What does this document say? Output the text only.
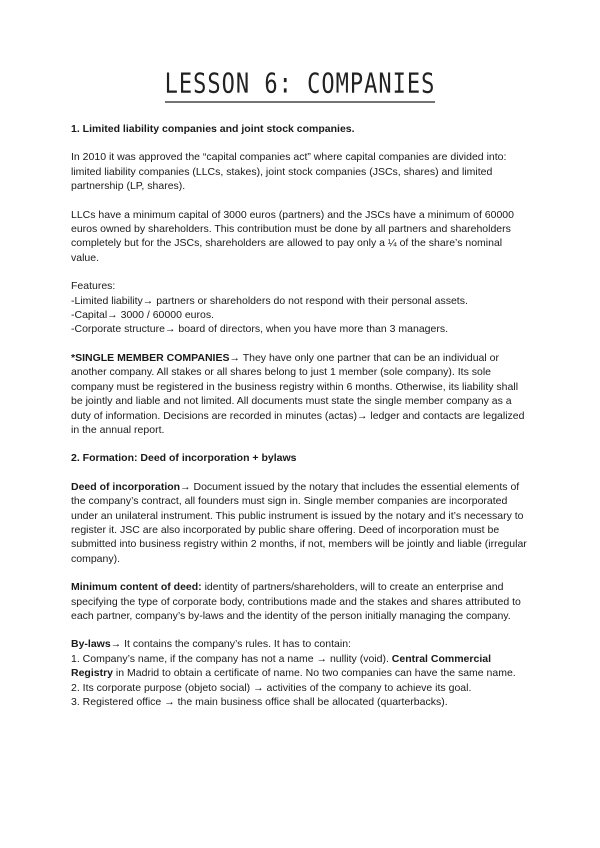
LESSON 6: COMPANIES

1. Limited liability companies and joint stock companies.

In 2010 it was approved the “capital companies act” where capital companies are divided into: limited liability companies (LLCs, stakes), joint stock companies (JSCs, shares) and limited partnership (LP, shares).

LLCs have a minimum capital of 3000 euros (partners) and the JSCs have a minimum of 60000 euros owned by shareholders. This contribution must be done by all partners and shareholders completely but for the JSCs, shareholders are allowed to pay only a ¼ of the share’s nominal value.

Features:

-Limited liability→ partners or shareholders do not respond with their personal assets.

-Capital→ 3000 / 60000 euros.

-Corporate structure→ board of directors, when you have more than 3 managers.

*SINGLE MEMBER COMPANIES→ They have only one partner that can be an individual or another company. All stakes or all shares belong to just 1 member (sole company). Its sole company must be registered in the business registry within 6 months. Otherwise, its liability shall be jointly and liable and not limited. All documents must state the single member company as a duty of information. Decisions are recorded in minutes (actas)→ ledger and contacts are legalized in the annual report.

2. Formation: Deed of incorporation + bylaws

Deed of incorporation→ Document issued by the notary that includes the essential elements of the company’s contract, all founders must sign in. Single member companies are incorporated under an unilateral instrument. This public instrument is issued by the notary and it’s necessary to register it. JSC are also incorporated by public share offering. Deed of incorporation must be submitted into business registry within 2 months, if not, members will be jointly and liable (irregular company).

Minimum content of deed: identity of partners/shareholders, will to create an enterprise and specifying the type of corporate body, contributions made and the stakes and shares attributed to each partner, company’s by-laws and the identity of the person initially managing the company.

By-laws→ It contains the company’s rules. It has to contain:

1. Company’s name, if the company has not a name → nullity (void). Central Commercial Registry in Madrid to obtain a certificate of name. No two companies can have the same name.

2. Its corporate purpose (objeto social) → activities of the company to achieve its goal.

3. Registered office → the main business office shall be allocated (quarterbacks).
